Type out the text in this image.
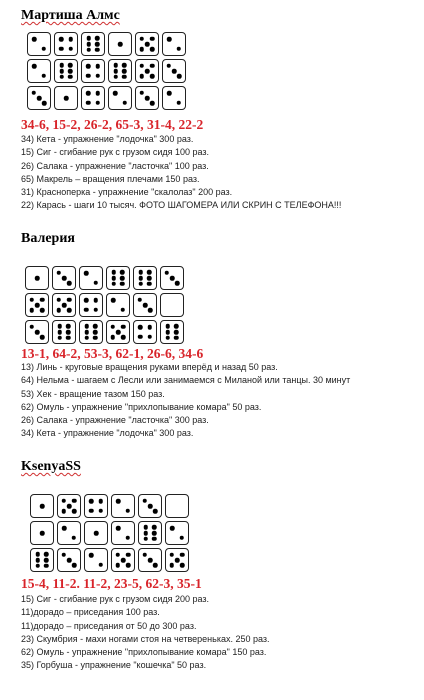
Мартиша Алмс
34-6, 15-2, 26-2, 65-3, 31-4, 22-2
34) Кета - упражнение "лодочка" 300 раз.
15) Сиг - сгибание рук с грузом сидя 100 раз.
26) Салака - упражнение "ласточка" 100 раз.
65) Макрель – вращения плечами 150 раз.
31) Красноперка - упражнение "скалолаз" 200 раз.
22) Карась - шаги 10 тысяч. ФОТО ШАГОМЕРА ИЛИ СКРИН С ТЕЛЕФОНА!!!
Валерия
13-1, 64-2, 53-3, 62-1, 26-6, 34-6
13) Линь - круговые вращения руками вперёд и назад 50 раз.
64) Нельма - шагаем с Лесли или занимаемся с Миланой или танцы. 30 минут
53) Хек - вращение тазом 150 раз.
62) Омуль - упражнение "прихлопывание комара" 50 раз.
26) Салака - упражнение "ласточка" 300 раз.
34) Кета - упражнение "лодочка" 300 раз.
KsenyaSS
15-4, 11-2. 11-2, 23-5, 62-3, 35-1
15) Сиг - сгибание рук с грузом сидя 200 раз.
11)дорадо – приседания 100 раз.
11)дорадо – приседания от 50 до 300 раз.
23) Скумбрия - махи ногами стоя на четвереньках. 250 раз.
62) Омуль - упражнение "прихлопывание комара" 150 раз.
35) Горбуша - упражнение "кошечка" 50 раз.
